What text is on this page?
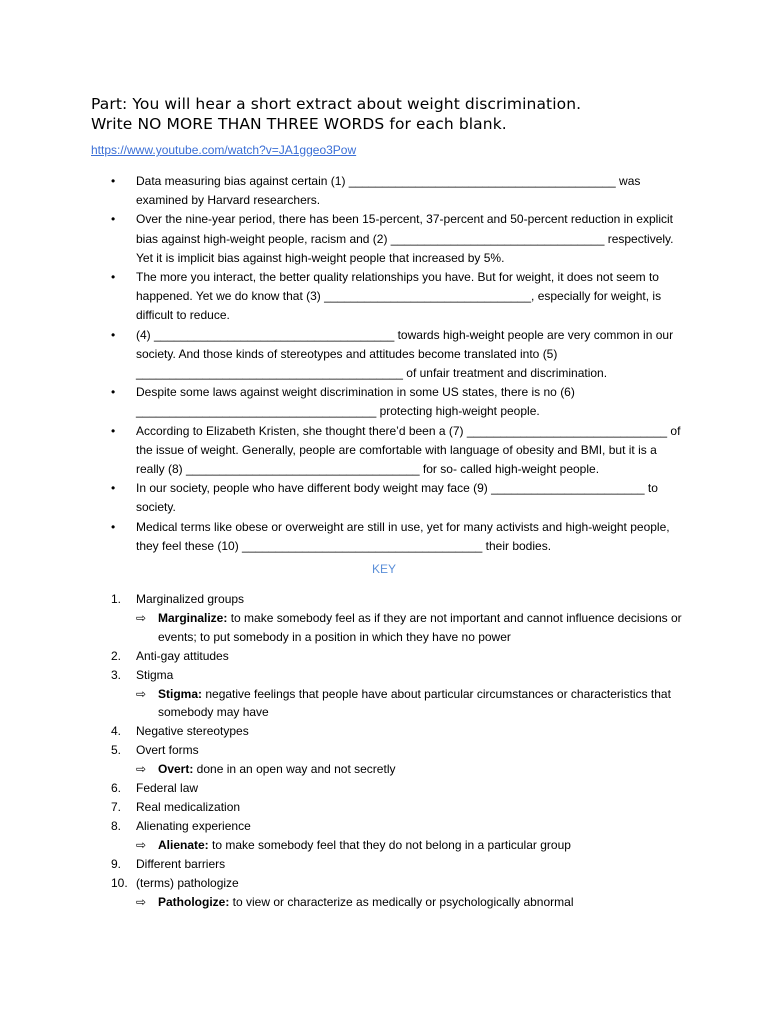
Part: You will hear a short extract about weight discrimination.
Write NO MORE THAN THREE WORDS for each blank.
https://www.youtube.com/watch?v=JA1ggeo3Pow
•	Data measuring bias against certain (1) ________________________________________ was examined by Harvard researchers.
•	Over the nine-year period, there has been 15-percent, 37-percent and 50-percent reduction in explicit bias against high-weight people, racism and (2) ________________________________ respectively. Yet it is implicit bias against high-weight people that increased by 5%.
•	The more you interact, the better quality relationships you have. But for weight, it does not seem to happened. Yet we do know that (3) _______________________________, especially for weight, is difficult to reduce.
•	(4) ____________________________________ towards high-weight people are very common in our society. And those kinds of stereotypes and attitudes become translated into (5) ________________________________________ of unfair treatment and discrimination.
•	Despite some laws against weight discrimination in some US states, there is no (6) ____________________________________ protecting high-weight people.
•	According to Elizabeth Kristen, she thought there’d been a (7) ______________________________ of the issue of weight. Generally, people are comfortable with language of obesity and BMI, but it is a really (8) ___________________________________ for so- called high-weight people.
•	In our society, people who have different body weight may face (9) _______________________ to society.
•	Medical terms like obese or overweight are still in use, yet for many activists and high-weight people, they feel these (10) ____________________________________ their bodies.
KEY
1.	Marginalized groups
⇨ Marginalize: to make somebody feel as if they are not important and cannot influence decisions or events; to put somebody in a position in which they have no power
2.	Anti-gay attitudes
3.	Stigma
⇨ Stigma: negative feelings that people have about particular circumstances or characteristics that somebody may have
4.	Negative stereotypes
5.	Overt forms
⇨ Overt: done in an open way and not secretly
6.	Federal law
7.	Real medicalization
8.	Alienating experience
⇨ Alienate: to make somebody feel that they do not belong in a particular group
9.	Different barriers
10. (terms) pathologize
⇨ Pathologize: to view or characterize as medically or psychologically abnormal
